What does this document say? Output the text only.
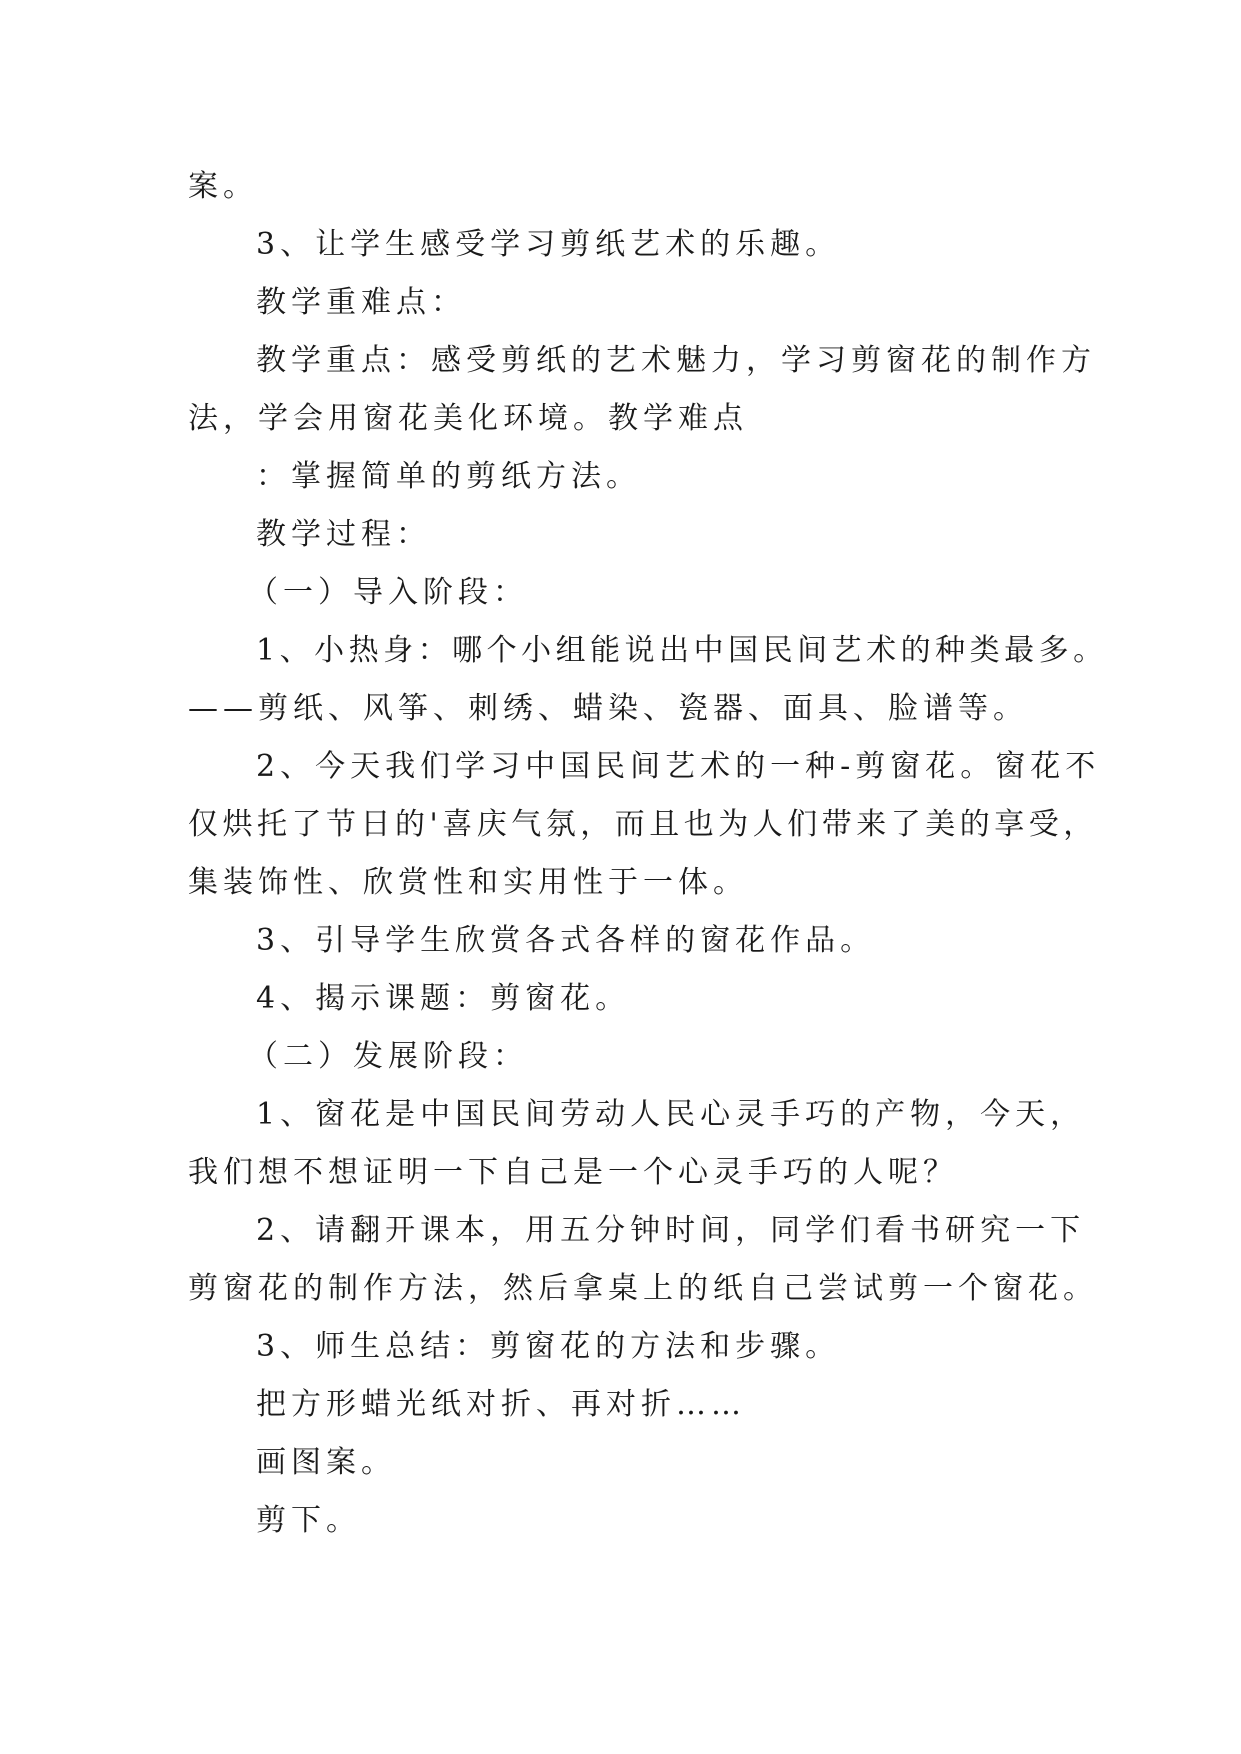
案。
3、让学生感受学习剪纸艺术的乐趣。
教学重难点：
教学重点：感受剪纸的艺术魅力，学习剪窗花的制作方
法，学会用窗花美化环境。教学难点
：掌握简单的剪纸方法。
教学过程：
（一）导入阶段：
1、小热身：哪个小组能说出中国民间艺术的种类最多。
——剪纸、风筝、刺绣、蜡染、瓷器、面具、脸谱等。
2、今天我们学习中国民间艺术的一种-剪窗花。窗花不
仅烘托了节日的'喜庆气氛，而且也为人们带来了美的享受，
集装饰性、欣赏性和实用性于一体。
3、引导学生欣赏各式各样的窗花作品。
4、揭示课题：剪窗花。
（二）发展阶段：
1、窗花是中国民间劳动人民心灵手巧的产物，今天，
我们想不想证明一下自己是一个心灵手巧的人呢？
2、请翻开课本，用五分钟时间，同学们看书研究一下
剪窗花的制作方法，然后拿桌上的纸自己尝试剪一个窗花。
3、师生总结：剪窗花的方法和步骤。
把方形蜡光纸对折、再对折……
画图案。
剪下。
